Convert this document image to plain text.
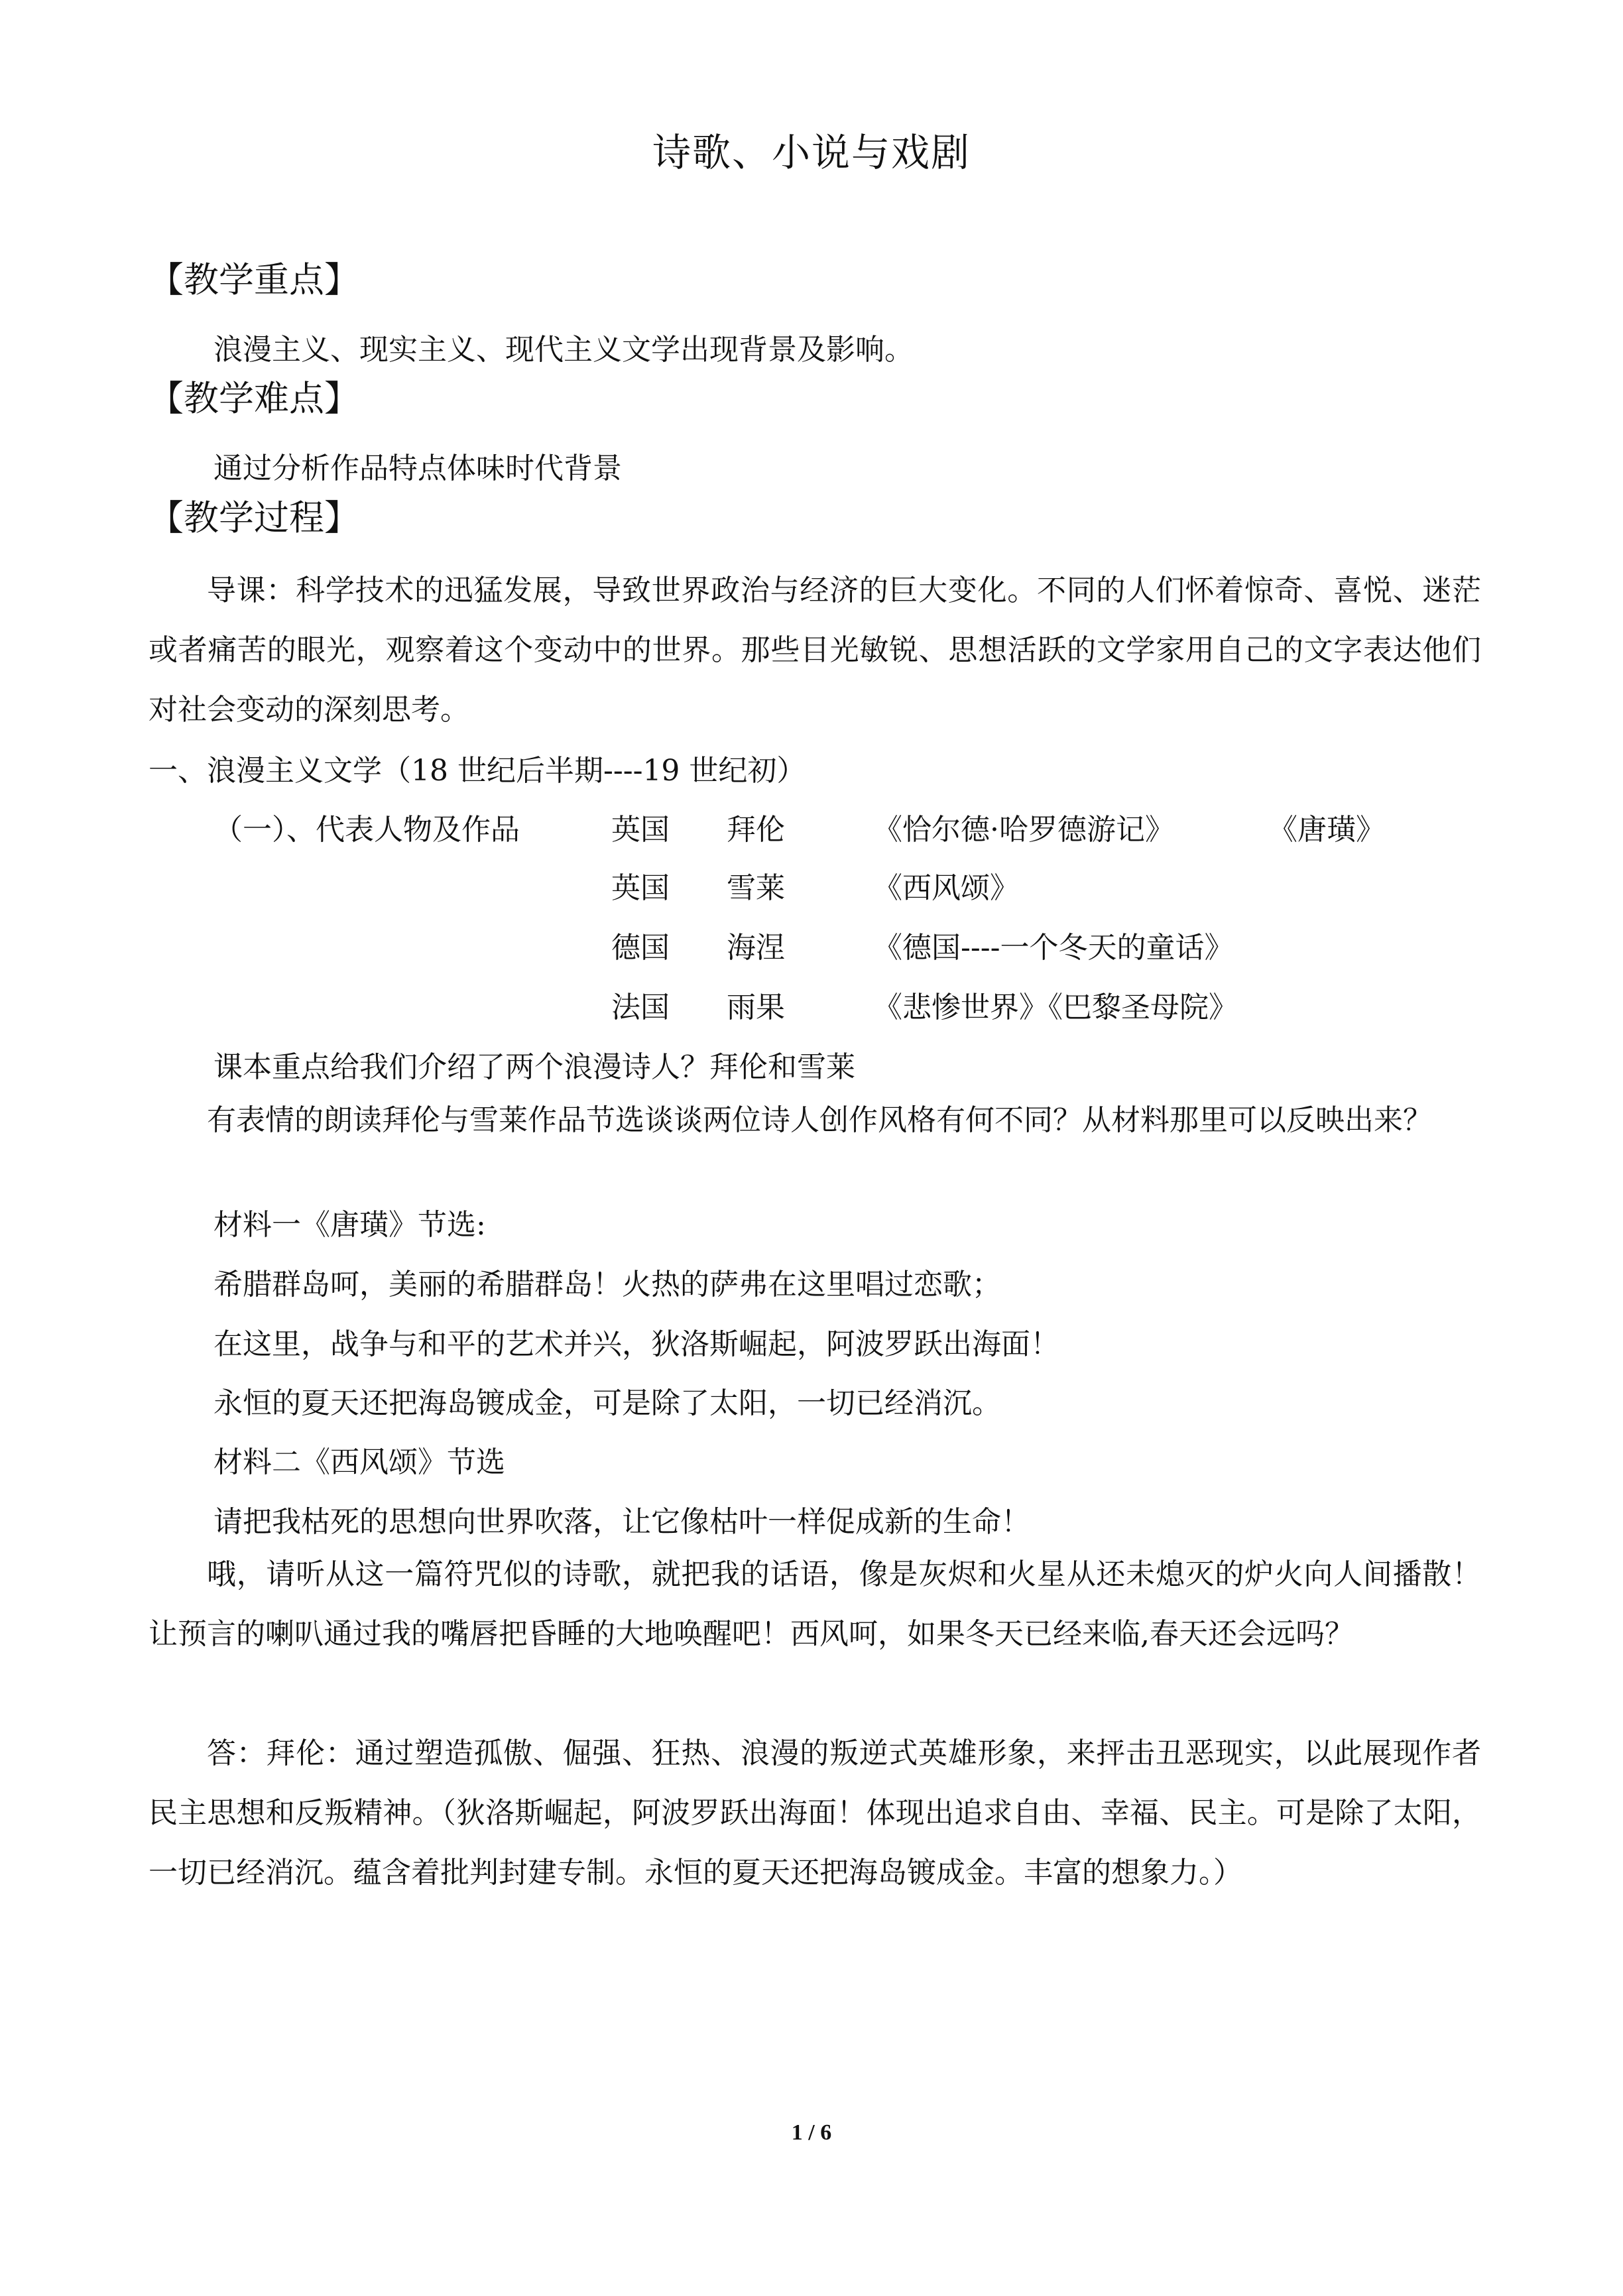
诗歌、小说与戏剧
【教学重点】
浪漫主义、现实主义、现代主义文学出现背景及影响。
【教学难点】
通过分析作品特点体味时代背景
【教学过程】
导课：科学技术的迅猛发展，导致世界政治与经济的巨大变化。不同的人们怀着惊奇、喜悦、迷茫或者痛苦的眼光，观察着这个变动中的世界。那些目光敏锐、思想活跃的文学家用自己的文字表达他们对社会变动的深刻思考。
一、浪漫主义文学（18 世纪后半期----19 世纪初）
（一）、代表人物及作品	英国 拜伦	《恰尔德·哈罗德游记》	《唐璜》
英国 雪莱	《西风颂》
德国 海涅	《德国----一个冬天的童话》
法国 雨果	《悲惨世界》《巴黎圣母院》
课本重点给我们介绍了两个浪漫诗人？拜伦和雪莱
有表情的朗读拜伦与雪莱作品节选谈谈两位诗人创作风格有何不同？从材料那里可以反映出来？
材料一《唐璜》节选:
希腊群岛呵，美丽的希腊群岛！火热的萨弗在这里唱过恋歌；
在这里，战争与和平的艺术并兴，狄洛斯崛起，阿波罗跃出海面！
永恒的夏天还把海岛镀成金，可是除了太阳，一切已经消沉。
材料二《西风颂》节选
请把我枯死的思想向世界吹落，让它像枯叶一样促成新的生命！
哦，请听从这一篇符咒似的诗歌，就把我的话语，像是灰烬和火星从还未熄灭的炉火向人间播散！让预言的喇叭通过我的嘴唇把昏睡的大地唤醒吧！西风呵，如果冬天已经来临,春天还会远吗？
答：拜伦：通过塑造孤傲、倔强、狂热、浪漫的叛逆式英雄形象，来抨击丑恶现实，以此展现作者民主思想和反叛精神。（狄洛斯崛起，阿波罗跃出海面！体现出追求自由、幸福、民主。可是除了太阳，一切已经消沉。蕴含着批判封建专制。永恒的夏天还把海岛镀成金。丰富的想象力。）
1 / 6
